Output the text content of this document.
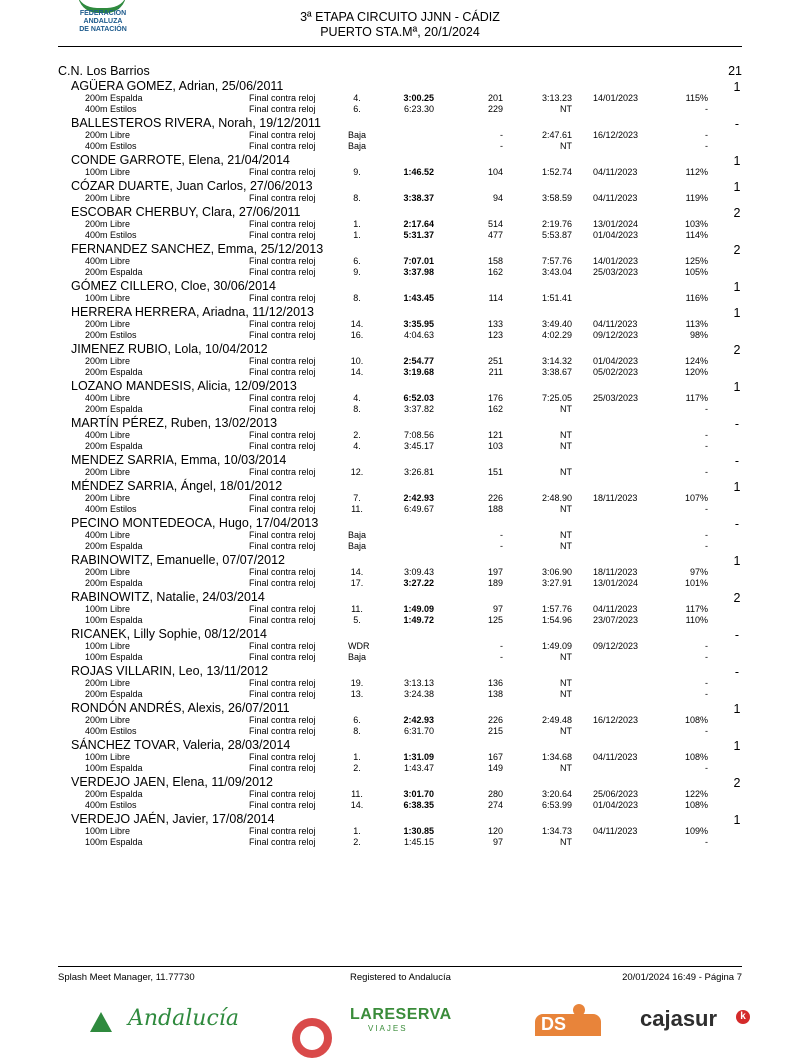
FEDERACIÓN
ANDALUZA
DE NATACIÓN
3ª ETAPA CIRCUITO JJNN - CÁDIZ
PUERTO STA.Mª, 20/1/2024
C.N. Los Barrios	21
AGÜERA GOMEZ, Adrian, 25/06/2011	1
200m Espalda	Final contra reloj	4.	3:00.25	201	3:13.23 14/01/2023	115%
400m Estilos	Final contra reloj	6.	6:23.30	229	NT	-
BALLESTEROS RIVERA, Norah, 19/12/2011	-
200m Libre	Final contra reloj	Baja	-	2:47.61 16/12/2023	-
400m Estilos	Final contra reloj	Baja	-	NT	-
CONDE GARROTE, Elena, 21/04/2014	1
100m Libre	Final contra reloj	9.	1:46.52	104	1:52.74 04/11/2023	112%
CÓZAR DUARTE, Juan Carlos, 27/06/2013	1
200m Libre	Final contra reloj	8.	3:38.37	94	3:58.59 04/11/2023	119%
ESCOBAR CHERBUY, Clara, 27/06/2011	2
200m Libre	Final contra reloj	1.	2:17.64	514	2:19.76 13/01/2024	103%
400m Estilos	Final contra reloj	1.	5:31.37	477	5:53.87 01/04/2023	114%
FERNANDEZ SANCHEZ, Emma, 25/12/2013	2
400m Libre	Final contra reloj	6.	7:07.01	158	7:57.76 14/01/2023	125%
200m Espalda	Final contra reloj	9.	3:37.98	162	3:43.04 25/03/2023	105%
GÓMEZ CILLERO, Cloe, 30/06/2014	1
100m Libre	Final contra reloj	8.	1:43.45	114	1:51.41	116%
HERRERA HERRERA, Ariadna, 11/12/2013	1
200m Libre	Final contra reloj	14.	3:35.95	133	3:49.40 04/11/2023	113%
200m Estilos	Final contra reloj	16.	4:04.63	123	4:02.29 09/12/2023	98%
JIMENEZ RUBIO, Lola, 10/04/2012	2
200m Libre	Final contra reloj	10.	2:54.77	251	3:14.32 01/04/2023	124%
200m Espalda	Final contra reloj	14.	3:19.68	211	3:38.67 05/02/2023	120%
LOZANO MANDESIS, Alicia, 12/09/2013	1
400m Libre	Final contra reloj	4.	6:52.03	176	7:25.05 25/03/2023	117%
200m Espalda	Final contra reloj	8.	3:37.82	162	NT	-
MARTÍN PÉREZ, Ruben, 13/02/2013	-
400m Libre	Final contra reloj	2.	7:08.56	121	NT	-
200m Espalda	Final contra reloj	4.	3:45.17	103	NT	-
MENDEZ SARRIA, Emma, 10/03/2014	-
200m Libre	Final contra reloj	12.	3:26.81	151	NT	-
MÉNDEZ SARRIA, Ángel, 18/01/2012	1
200m Libre	Final contra reloj	7.	2:42.93	226	2:48.90 18/11/2023	107%
400m Estilos	Final contra reloj	11.	6:49.67	188	NT	-
PECINO MONTEDEOCA, Hugo, 17/04/2013	-
400m Libre	Final contra reloj	Baja	-	NT	-
200m Espalda	Final contra reloj	Baja	-	NT	-
RABINOWITZ, Emanuelle, 07/07/2012	1
200m Libre	Final contra reloj	14.	3:09.43	197	3:06.90 18/11/2023	97%
200m Espalda	Final contra reloj	17.	3:27.22	189	3:27.91 13/01/2024	101%
RABINOWITZ, Natalie, 24/03/2014	2
100m Libre	Final contra reloj	11.	1:49.09	97	1:57.76 04/11/2023	117%
100m Espalda	Final contra reloj	5.	1:49.72	125	1:54.96 23/07/2023	110%
RICANEK, Lilly Sophie, 08/12/2014	-
100m Libre	Final contra reloj	WDR	-	1:49.09 09/12/2023	-
100m Espalda	Final contra reloj	Baja	-	NT	-
ROJAS VILLARIN, Leo, 13/11/2012	-
200m Libre	Final contra reloj	19.	3:13.13	136	NT	-
200m Espalda	Final contra reloj	13.	3:24.38	138	NT	-
RONDÓN ANDRÉS, Alexis, 26/07/2011	1
200m Libre	Final contra reloj	6.	2:42.93	226	2:49.48 16/12/2023	108%
400m Estilos	Final contra reloj	8.	6:31.70	215	NT	-
SÁNCHEZ TOVAR, Valeria, 28/03/2014	1
100m Libre	Final contra reloj	1.	1:31.09	167	1:34.68 04/11/2023	108%
100m Espalda	Final contra reloj	2.	1:43.47	149	NT	-
VERDEJO JAEN, Elena, 11/09/2012	2
200m Espalda	Final contra reloj	11.	3:01.70	280	3:20.64 25/06/2023	122%
400m Estilos	Final contra reloj	14.	6:38.35	274	6:53.99 01/04/2023	108%
VERDEJO JAÉN, Javier, 17/08/2014	1
100m Libre	Final contra reloj	1.	1:30.85	120	1:34.73 04/11/2023	109%
100m Espalda	Final contra reloj	2.	1:45.15	97	NT	-
Splash Meet Manager, 11.77730	Registered to Andalucía	20/01/2024 16:49 - Página 7
Andalucía	LARESERVA
VIAJES	DS	cajasur	k
